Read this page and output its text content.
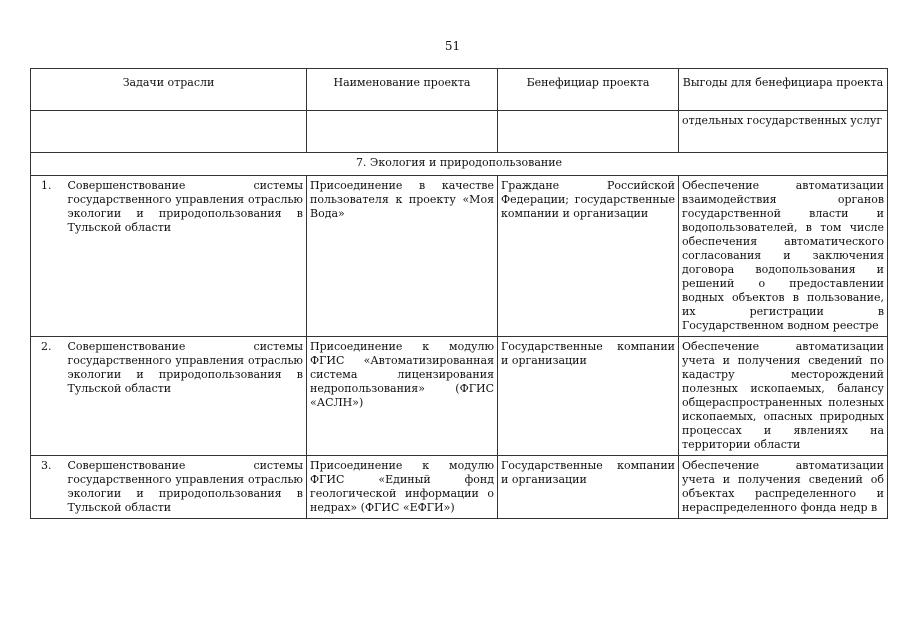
51
Задачи отрасли		Наименование проекта	Бенефициар проекта	Выгоды для бенефициара проекта
				отдельных государственных услуг
7. Экология и природопользование				
1.	Совершенствование системы государственного управления отраслью экологии и природопользования в Тульской области	Присоединение в качестве пользователя к проекту «Моя Вода»	Граждане Российской Федерации; государственные компании и организации	Обеспечение автоматизации взаимодействия органов государственной власти и водопользователей, в том числе обеспечения автоматического согласования и заключения договора водопользования и решений о предоставлении водных объектов в пользование, их регистрации в Государственном водном реестре
2.	Совершенствование системы государственного управления отраслью экологии и природопользования в Тульской области	Присоединение к модулю ФГИС «Автоматизированная система лицензирования недропользования» (ФГИС «АСЛН»)	Государственные компании и организации	Обеспечение автоматизации учета и получения сведений по кадастру месторождений полезных ископаемых, балансу общераспространенных полезных ископаемых, опасных природных процессах и явлениях на территории области
3.	Совершенствование системы государственного управления отраслью экологии и природопользования в Тульской области	Присоединение к модулю ФГИС «Единый фонд геологической информации о недрах» (ФГИС «ЕФГИ»)	Государственные компании и организации	Обеспечение автоматизации учета и получения сведений об объектах распределенного и нераспределенного фонда недр в
